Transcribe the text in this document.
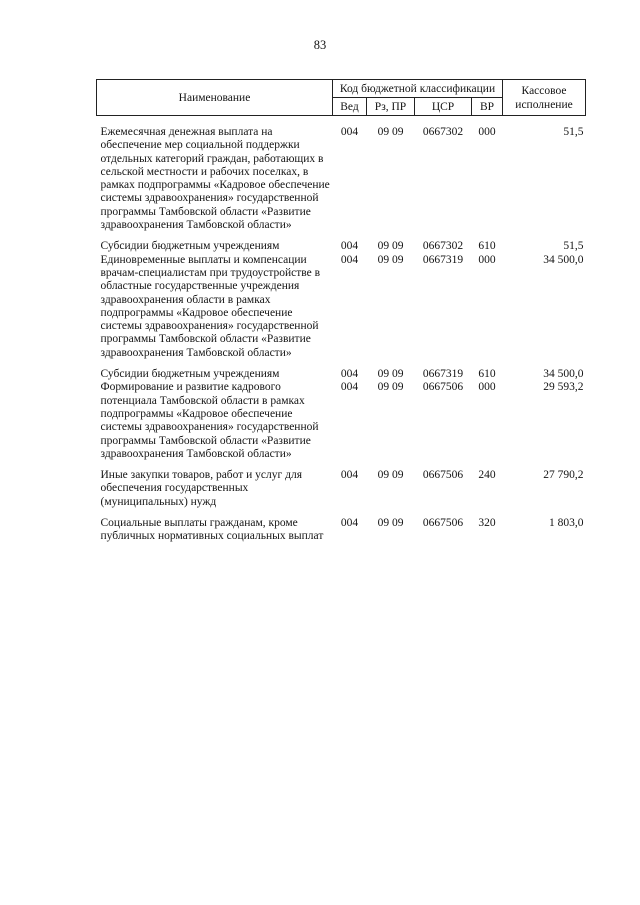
83
Наименование	Код бюджетной классификации				Кассовое
исполнение

	Вед	Рз, ПР	ЦСР	ВР	

Ежемесячная денежная выплата на обеспечение мер социальной поддержки отдельных категорий граждан, работающих в сельской местности и рабочих поселках, в рамках подпрограммы «Кадровое обеспечение системы здравоохранения» государственной программы Тамбовской области «Развитие здравоохранения Тамбовской области»	004	09 09	0667302	000	51,5
Субсидии бюджетным учреждениям	004	09 09	0667302	610	51,5
Единовременные выплаты и компенсации врачам-специалистам при трудоустройстве в областные государственные учреждения здравоохранения области в рамках подпрограммы «Кадровое обеспечение системы здравоохранения» государственной программы Тамбовской области «Развитие здравоохранения Тамбовской области»	004	09 09	0667319	000	34 500,0
Субсидии бюджетным учреждениям	004	09 09	0667319	610	34 500,0
Формирование и развитие кадрового потенциала Тамбовской области в рамках подпрограммы «Кадровое обеспечение системы здравоохранения» государственной программы Тамбовской области «Развитие здравоохранения Тамбовской области»	004	09 09	0667506	000	29 593,2
Иные закупки товаров, работ и услуг для обеспечения государственных (муниципальных) нужд	004	09 09	0667506	240	27 790,2
Социальные выплаты гражданам, кроме публичных нормативных социальных выплат	004	09 09	0667506	320	1 803,0
